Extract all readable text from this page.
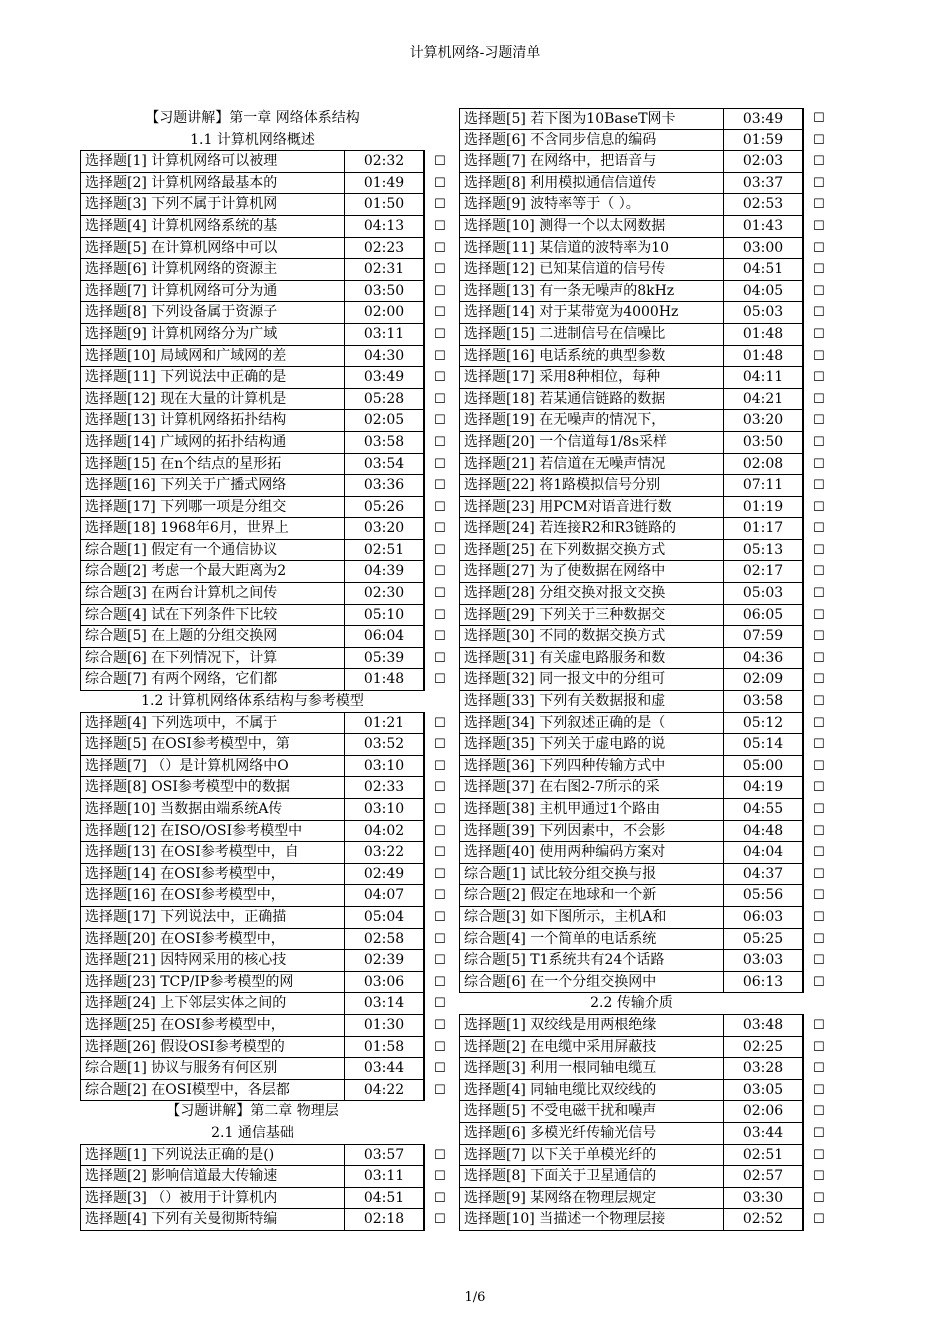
计算机网络-习题清单
【习题讲解】第一章 网络体系结构
1.1 计算机网络概述
选择题[1] 计算机网络可以被理	02:32	☐
选择题[2] 计算机网络最基本的	01:49	☐
选择题[3] 下列不属于计算机网	01:50	☐
选择题[4] 计算机网络系统的基	04:13	☐
选择题[5] 在计算机网络中可以	02:23	☐
选择题[6] 计算机网络的资源主	02:31	☐
选择题[7] 计算机网络可分为通	03:50	☐
选择题[8] 下列设备属于资源子	02:00	☐
选择题[9] 计算机网络分为广域	03:11	☐
选择题[10] 局域网和广域网的差	04:30	☐
选择题[11] 下列说法中正确的是	03:49	☐
选择题[12] 现在大量的计算机是	05:28	☐
选择题[13] 计算机网络拓扑结构	02:05	☐
选择题[14] 广域网的拓扑结构通	03:58	☐
选择题[15] 在n个结点的星形拓	03:54	☐
选择题[16] 下列关于广播式网络	03:36	☐
选择题[17] 下列哪一项是分组交	05:26	☐
选择题[18] 1968年6月，世界上	03:20	☐
综合题[1] 假定有一个通信协议	02:51	☐
综合题[2] 考虑一个最大距离为2	04:39	☐
综合题[3] 在两台计算机之间传	02:30	☐
综合题[4] 试在下列条件下比较	05:10	☐
综合题[5] 在上题的分组交换网	06:04	☐
综合题[6] 在下列情况下，计算	05:39	☐
综合题[7] 有两个网络，它们都	01:48	☐
1.2 计算机网络体系结构与参考模型
选择题[4] 下列选项中，不属于	01:21	☐
选择题[5] 在OSI参考模型中，第	03:52	☐
选择题[7] （）是计算机网络中O	03:10	☐
选择题[8] OSI参考模型中的数据	02:33	☐
选择题[10] 当数据由端系统A传	03:10	☐
选择题[12] 在ISO/OSI参考模型中	04:02	☐
选择题[13] 在OSI参考模型中，自	03:22	☐
选择题[14] 在OSI参考模型中，	02:49	☐
选择题[16] 在OSI参考模型中，	04:07	☐
选择题[17] 下列说法中，正确描	05:04	☐
选择题[20] 在OSI参考模型中，	02:58	☐
选择题[21] 因特网采用的核心技	02:39	☐
选择题[23] TCP/IP参考模型的网	03:06	☐
选择题[24] 上下邻层实体之间的	03:14	☐
选择题[25] 在OSI参考模型中，	01:30	☐
选择题[26] 假设OSI参考模型的	01:58	☐
综合题[1] 协议与服务有何区别	03:44	☐
综合题[2] 在OSI模型中，各层都	04:22	☐
【习题讲解】第二章 物理层
2.1 通信基础
选择题[1] 下列说法正确的是()	03:57	☐
选择题[2] 影响信道最大传输速	03:11	☐
选择题[3] （）被用于计算机内	04:51	☐
选择题[4] 下列有关曼彻斯特编	02:18	☐
选择题[5] 若下图为10BaseT网卡	03:49	☐
选择题[6] 不含同步信息的编码	01:59	☐
选择题[7] 在网络中，把语音与	02:03	☐
选择题[8] 利用模拟通信信道传	03:37	☐
选择题[9] 波特率等于（ ）。	02:53	☐
选择题[10] 测得一个以太网数据	01:43	☐
选择题[11] 某信道的波特率为10	03:00	☐
选择题[12] 已知某信道的信号传	04:51	☐
选择题[13] 有一条无噪声的8kHz	04:05	☐
选择题[14] 对于某带宽为4000Hz	05:03	☐
选择题[15] 二进制信号在信噪比	01:48	☐
选择题[16] 电话系统的典型参数	01:48	☐
选择题[17] 采用8种相位，每种	04:11	☐
选择题[18] 若某通信链路的数据	04:21	☐
选择题[19] 在无噪声的情况下，	03:20	☐
选择题[20] 一个信道每1/8s采样	03:50	☐
选择题[21] 若信道在无噪声情况	02:08	☐
选择题[22] 将1路模拟信号分别	07:11	☐
选择题[23] 用PCM对语音进行数	01:19	☐
选择题[24] 若连接R2和R3链路的	01:17	☐
选择题[25] 在下列数据交换方式	05:13	☐
选择题[27] 为了使数据在网络中	02:17	☐
选择题[28] 分组交换对报文交换	05:03	☐
选择题[29] 下列关于三种数据交	06:05	☐
选择题[30] 不同的数据交换方式	07:59	☐
选择题[31] 有关虚电路服务和数	04:36	☐
选择题[32] 同一报文中的分组可	02:09	☐
选择题[33] 下列有关数据报和虚	03:58	☐
选择题[34] 下列叙述正确的是（	05:12	☐
选择题[35] 下列关于虚电路的说	05:14	☐
选择题[36] 下列四种传输方式中	05:00	☐
选择题[37] 在右图2-7所示的采	04:19	☐
选择题[38] 主机甲通过1个路由	04:55	☐
选择题[39] 下列因素中，不会影	04:48	☐
选择题[40] 使用两种编码方案对	04:04	☐
综合题[1] 试比较分组交换与报	04:37	☐
综合题[2] 假定在地球和一个新	05:56	☐
综合题[3] 如下图所示，主机A和	06:03	☐
综合题[4] 一个简单的电话系统	05:25	☐
综合题[5] T1系统共有24个话路	03:03	☐
综合题[6] 在一个分组交换网中	06:13	☐
2.2 传输介质
选择题[1] 双绞线是用两根绝缘	03:48	☐
选择题[2] 在电缆中采用屏蔽技	02:25	☐
选择题[3] 利用一根同轴电缆互	03:28	☐
选择题[4] 同轴电缆比双绞线的	03:05	☐
选择题[5] 不受电磁干扰和噪声	02:06	☐
选择题[6] 多模光纤传输光信号	03:44	☐
选择题[7] 以下关于单模光纤的	02:51	☐
选择题[8] 下面关于卫星通信的	02:57	☐
选择题[9] 某网络在物理层规定	03:30	☐
选择题[10] 当描述一个物理层接	02:52	☐
1/6
